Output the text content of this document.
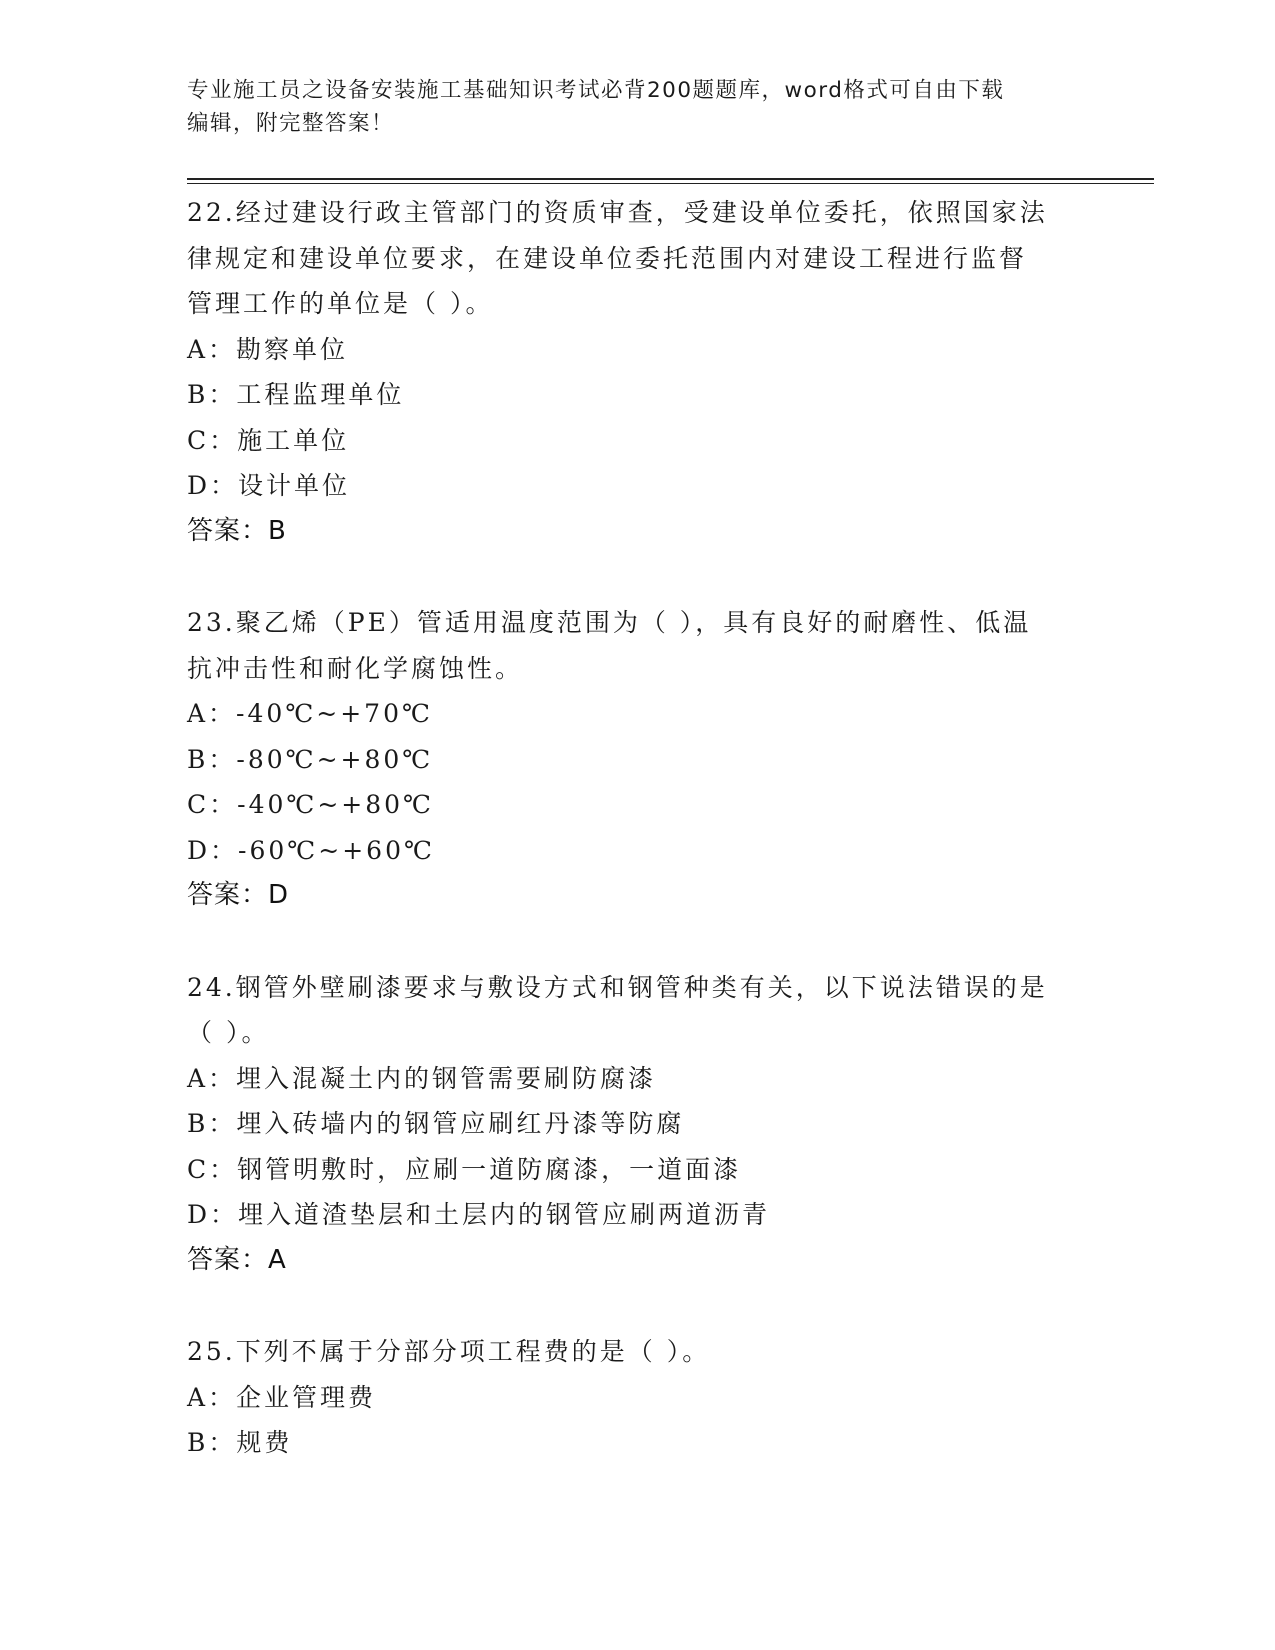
专业施工员之设备安装施工基础知识考试必背200题题库，word格式可自由下载
编辑，附完整答案！
22.经过建设行政主管部门的资质审查，受建设单位委托，依照国家法
律规定和建设单位要求，在建设单位委托范围内对建设工程进行监督
管理工作的单位是（ ）。
A：勘察单位
B：工程监理单位
C：施工单位
D：设计单位
答案：B
23.聚乙烯（PE）管适用温度范围为（ ），具有良好的耐磨性、低温
抗冲击性和耐化学腐蚀性。
A：-40℃~+70℃
B：-80℃~+80℃
C：-40℃~+80℃
D：-60℃~+60℃
答案：D
24.钢管外壁刷漆要求与敷设方式和钢管种类有关，以下说法错误的是
（ ）。
A：埋入混凝土内的钢管需要刷防腐漆
B：埋入砖墙内的钢管应刷红丹漆等防腐
C：钢管明敷时，应刷一道防腐漆，一道面漆
D：埋入道渣垫层和土层内的钢管应刷两道沥青
答案：A
25.下列不属于分部分项工程费的是（ ）。
A：企业管理费
B：规费
